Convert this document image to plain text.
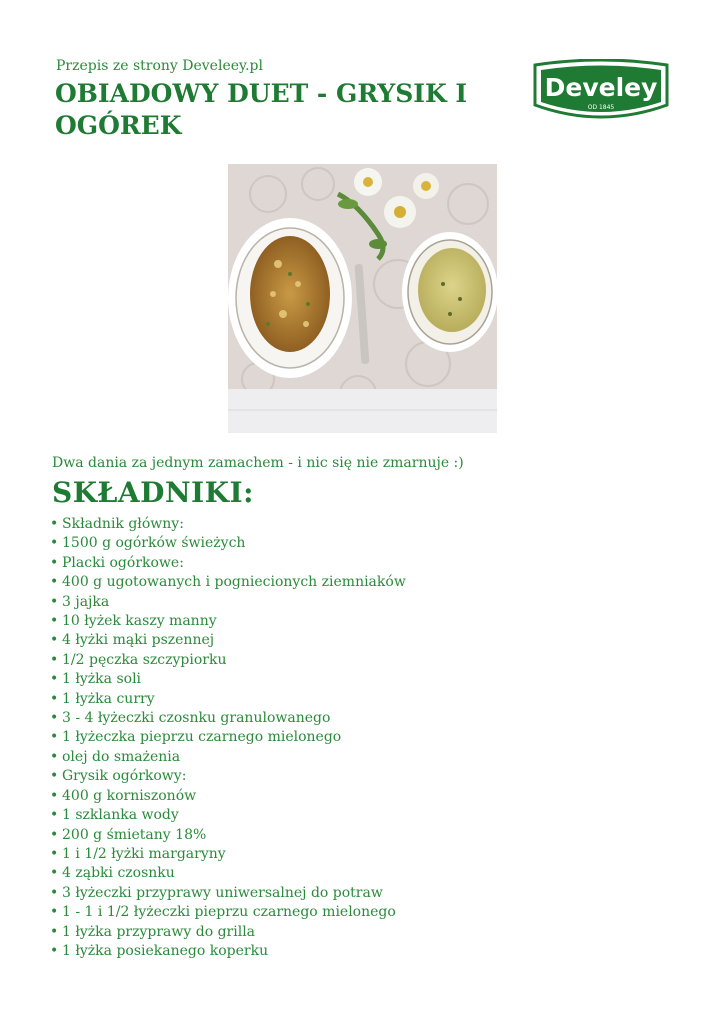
Przepis ze strony Develeey.pl
OBIADOWY DUET - GRYSIK I OGÓREK
Develey
OD 1845
Dwa dania za jednym zamachem - i nic się nie zmarnuje :)
SKŁADNIKI:
• Składnik główny:
• 1500 g ogórków świeżych
• Placki ogórkowe:
• 400 g ugotowanych i pogniecionych ziemniaków
• 3 jajka
• 10 łyżek kaszy manny
• 4 łyżki mąki pszennej
• 1/2 pęczka szczypiorku
• 1 łyżka soli
• 1 łyżka curry
• 3 - 4 łyżeczki czosnku granulowanego
• 1 łyżeczka pieprzu czarnego mielonego
• olej do smażenia
• Grysik ogórkowy:
• 400 g korniszonów
• 1 szklanka wody
• 200 g śmietany 18%
• 1 i 1/2 łyżki margaryny
• 4 ząbki czosnku
• 3 łyżeczki przyprawy uniwersalnej do potraw
• 1 - 1 i 1/2 łyżeczki pieprzu czarnego mielonego
• 1 łyżka przyprawy do grilla
• 1 łyżka posiekanego koperku
